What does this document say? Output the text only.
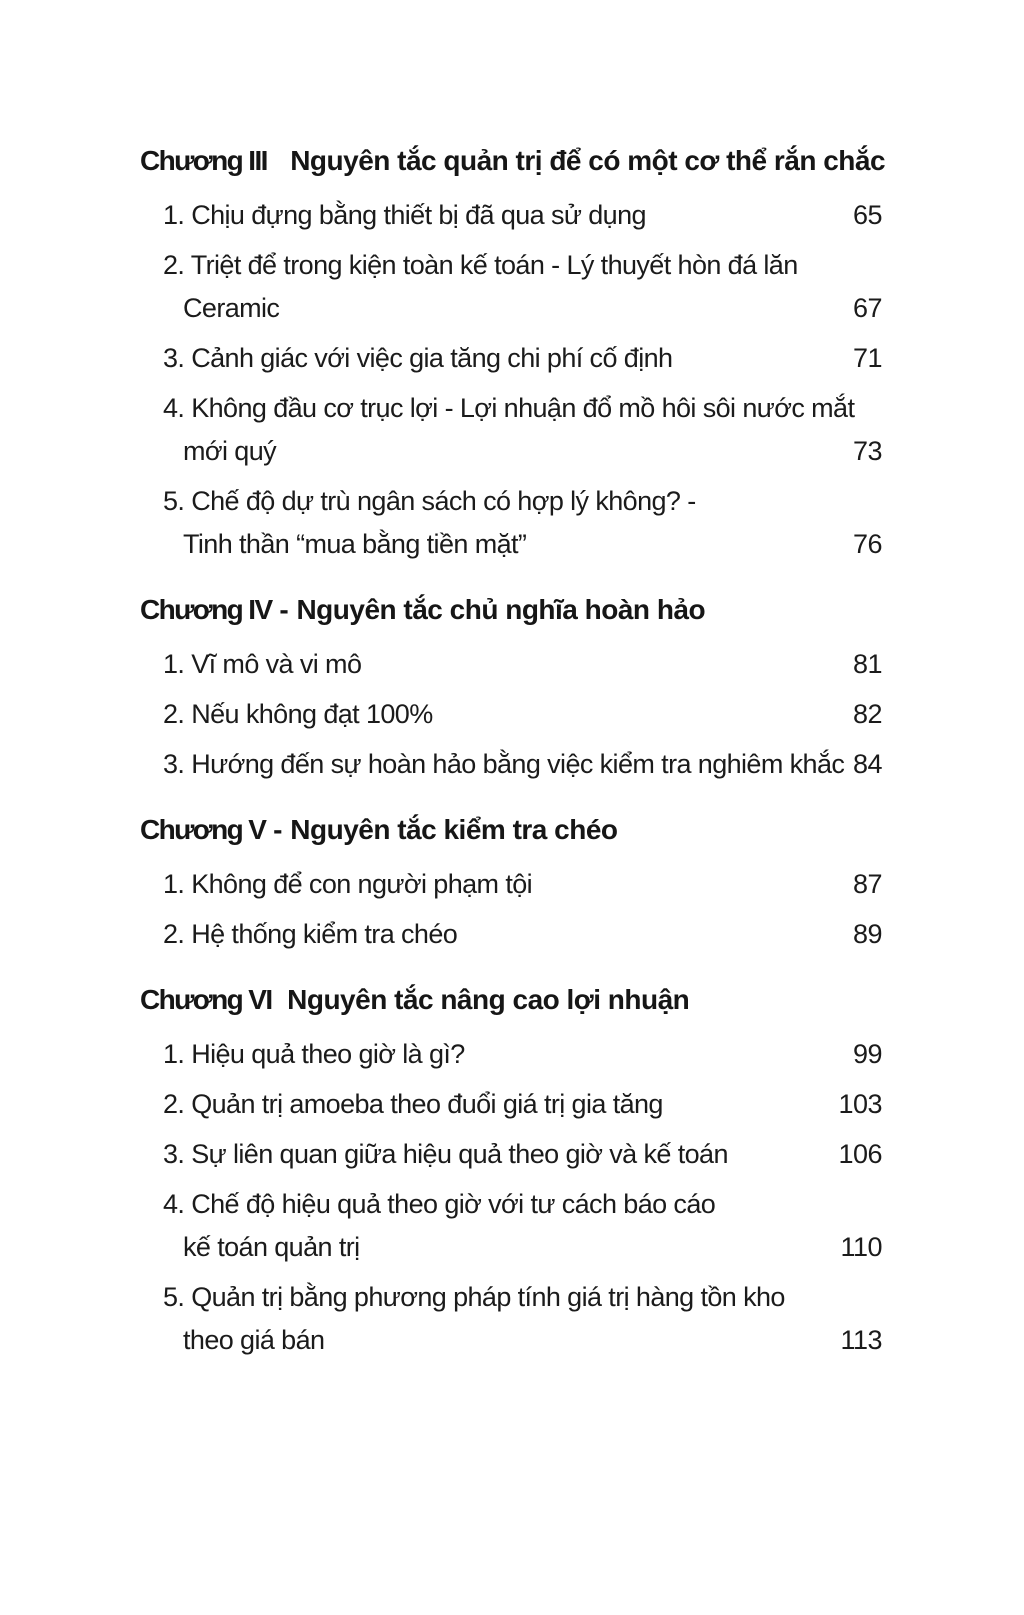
Chương III Nguyên tắc quản trị để có một cơ thể rắn chắc
1. Chịu đựng bằng thiết bị đã qua sử dụng	65
2. Triệt để trong kiện toàn kế toán - Lý thuyết hòn đá lăn
Ceramic	67
3. Cảnh giác với việc gia tăng chi phí cố định	71
4. Không đầu cơ trục lợi - Lợi nhuận đổ mồ hôi sôi nước mắt
mới quý	73
5. Chế độ dự trù ngân sách có hợp lý không? -
Tinh thần “mua bằng tiền mặt”	76
Chương IV - Nguyên tắc chủ nghĩa hoàn hảo
1. Vĩ mô và vi mô	81
2. Nếu không đạt 100%	82
3. Hướng đến sự hoàn hảo bằng việc kiểm tra nghiêm khắc 84
Chương V - Nguyên tắc kiểm tra chéo
1. Không để con người phạm tội	87
2. Hệ thống kiểm tra chéo	89
Chương VI Nguyên tắc nâng cao lợi nhuận
1. Hiệu quả theo giờ là gì?	99
2. Quản trị amoeba theo đuổi giá trị gia tăng	103
3. Sự liên quan giữa hiệu quả theo giờ và kế toán	106
4. Chế độ hiệu quả theo giờ với tư cách báo cáo
kế toán quản trị	110
5. Quản trị bằng phương pháp tính giá trị hàng tồn kho
theo giá bán	113
